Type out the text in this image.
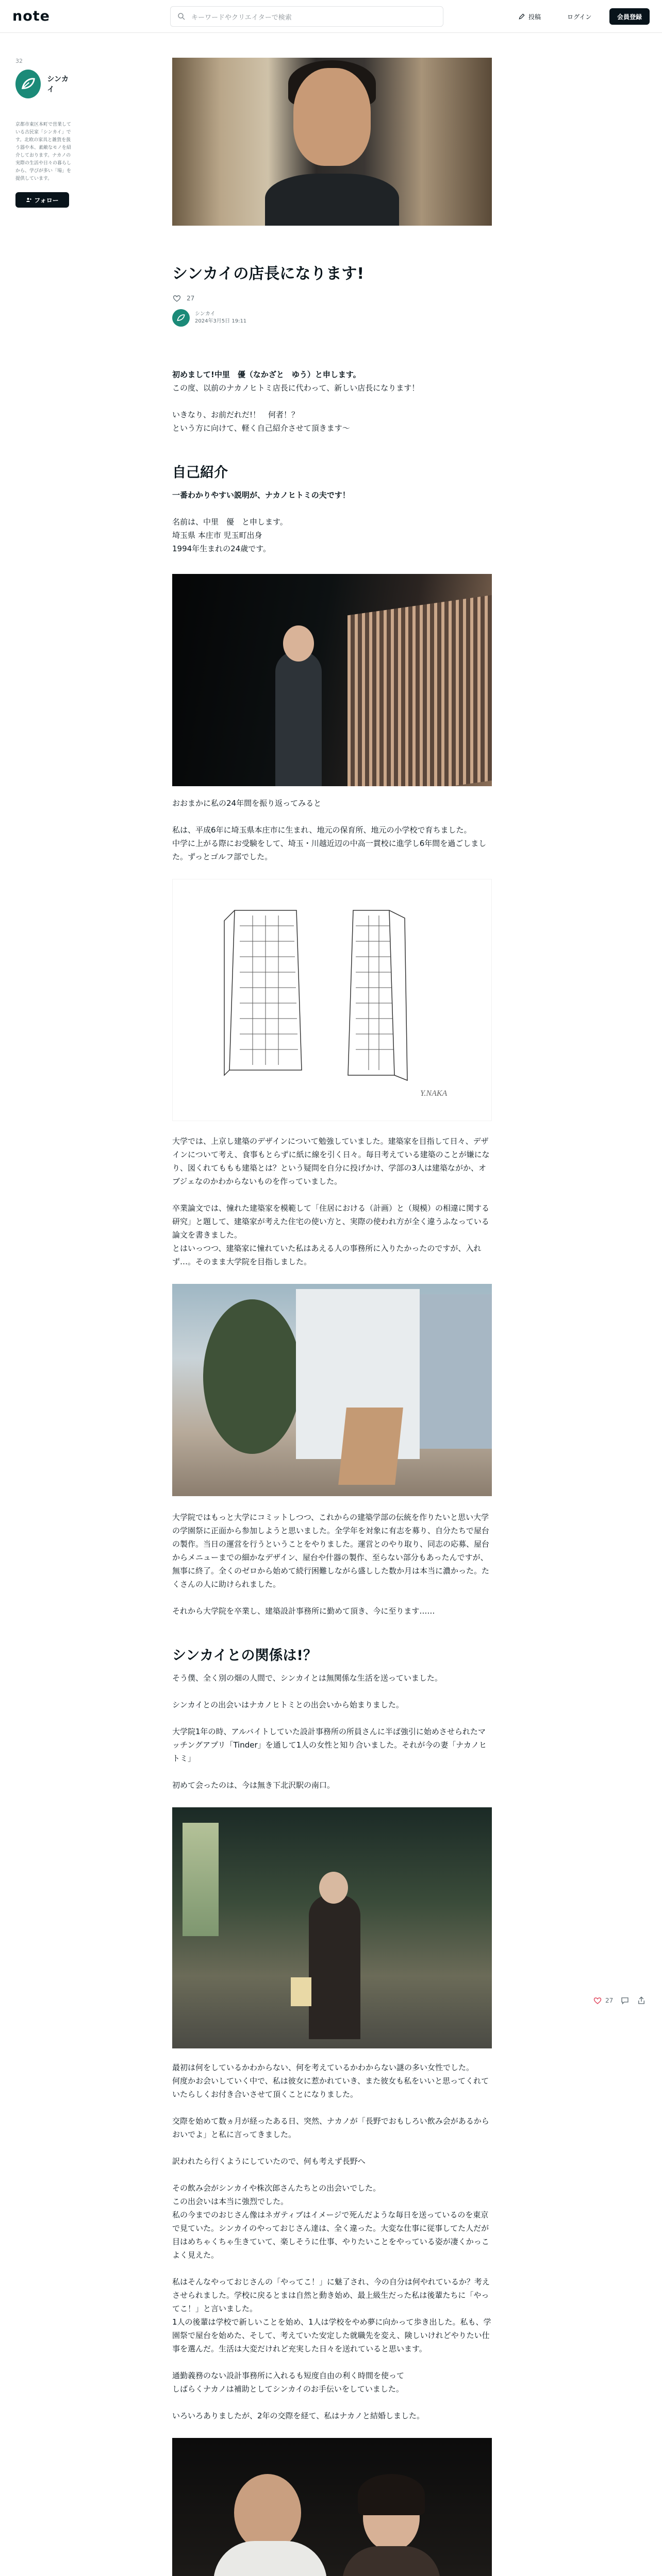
note	キーワードやクリエイターで検索	投稿	ログイン	会員登録
32
シンカイ
京都市東区本町で営業している古民家「シンカイ」です。北欧の家具と雑貨を扱う器や本、素敵なモノを紹介しております。ナカノの実際の生活や日々の暮らしから、学びが多い「場」を提供しています。
フォロー
シンカイの店長になります!
27
シンカイ
2024年3月5日 19:11

初めまして!中里　優（なかざと　ゆう）と申します。

この度、以前のナカノヒトミ店長に代わって、新しい店長になります！

いきなり、お前だれだ!！　何者！？

という方に向けて、軽く自己紹介させて頂きます〜

自己紹介

一番わかりやすい説明が、ナカノヒトミの夫です！

名前は、中里　優　と申します。

埼玉県 本庄市 児玉町出身

1994年生まれの24歳です。

おおまかに私の24年間を振り返ってみると

私は、平成6年に埼玉県本庄市に生まれ、地元の保育所、地元の小学校で育ちました。

中学に上がる際にお受験をして、埼玉・川越近辺の中高一貫校に進学し6年間を過ごしました。ずっとゴルフ部でした。

Y.NAKA

大学では、上京し建築のデザインについて勉強していました。建築家を目指して日々、デザインについて考え、食事もとらずに紙に線を引く日々。毎日考えている建築のことが嫌になり、図くれてももも建築とは？という疑問を自分に投げかけ、学部の3人は建築ながか、オブジェなのかわからないものを作っていました。

卒業論文では、憧れた建築家を模範して「住居における（計画）と（規模）の相違に関する研究」と題して、建築家が考えた住宅の使い方と、実際の使われ方が全く違うふなっている論文を書きました。

とはいっつつ、建築家に憧れていた私はあえる人の事務所に入りたかったのですが、入れず…。そのまま大学院を目指しました。

大学院ではもっと大学にコミットしつつ、これからの建築学部の伝統を作りたいと思い大学の学園祭に正面から参加しようと思いました。全学年を対象に有志を募り、自分たちで屋台の製作。当日の運営を行うということをやりました。運営とのやり取り、同志の応募、屋台からメニューまでの細かなデザイン、屋台や什器の製作、至らない部分もあったんですが、無事に終了。全くのゼロから始めて続行困難しながら盛しした数か月は本当に濃かった。たくさんの人に助けられました。

それから大学院を卒業し、建築設計事務所に勤めて頂き、今に至ります……

シンカイとの関係は!？

そう僕、全く別の畑の人間で、シンカイとは無関係な生活を送っていました。

シンカイとの出会いはナカノヒトミとの出会いから始まりました。

大学院1年の時、アルバイトしていた設計事務所の所員さんに半ば強引に始めさせられたマッチングアプリ「Tinder」を通して1人の女性と知り合いました。それが今の妻「ナカノヒトミ」

初めて会ったのは、今は無き下北沢駅の南口。

最初は何をしているかわからない、何を考えているかわからない謎の多い女性でした。

何度かお会いしていく中で、私は彼女に惹かれていき、また彼女も私をいいと思ってくれていたらしくお付き合いさせて頂くことになりました。

交際を始めて数ヵ月が経ったある日、突然、ナカノが「長野でおもしろい飲み会があるからおいでよ」と私に言ってきました。

訳われたら行くようにしていたので、何も考えず長野へ

その飲み会がシンカイや株次郎さんたちとの出会いでした。

この出会いは本当に強烈でした。

私の今までのおじさん像はネガティブはイメージで死んだような毎日を送っているのを東京で見ていた。シンカイのやっておじさん達は、全く違った。大変な仕事に従事してた人だが目はめちゃくちゃ生きていて、楽しそうに仕事、やりたいことをやっている姿が凄くかっこよく見えた。

私はそんなやっておじさんの「やってこ！」に魅了され、今の自分は何やれているか？考えさせられました。学校に戻るとまは自然と動き始め、最上級生だった私は後輩たちに「やってこ！」と言いました。

1人の後輩は学校で新しいことを始め、1人は学校をやめ夢に向かって歩き出した。私も、学園祭で屋台を始めた、そして、考えていた安定した就職先を変え、険しいけれどやりたい仕事を選んだ。生活は大変だけれど充実した日々を送れていると思います。

通勤義務のない設計事務所に入れるも短度自由の利く時間を使って

しばらくナカノは補助としてシンカイのお手伝いをしていました。

いろいろありましたが、2年の交際を経て、私はナカノと結婚しました。

27
